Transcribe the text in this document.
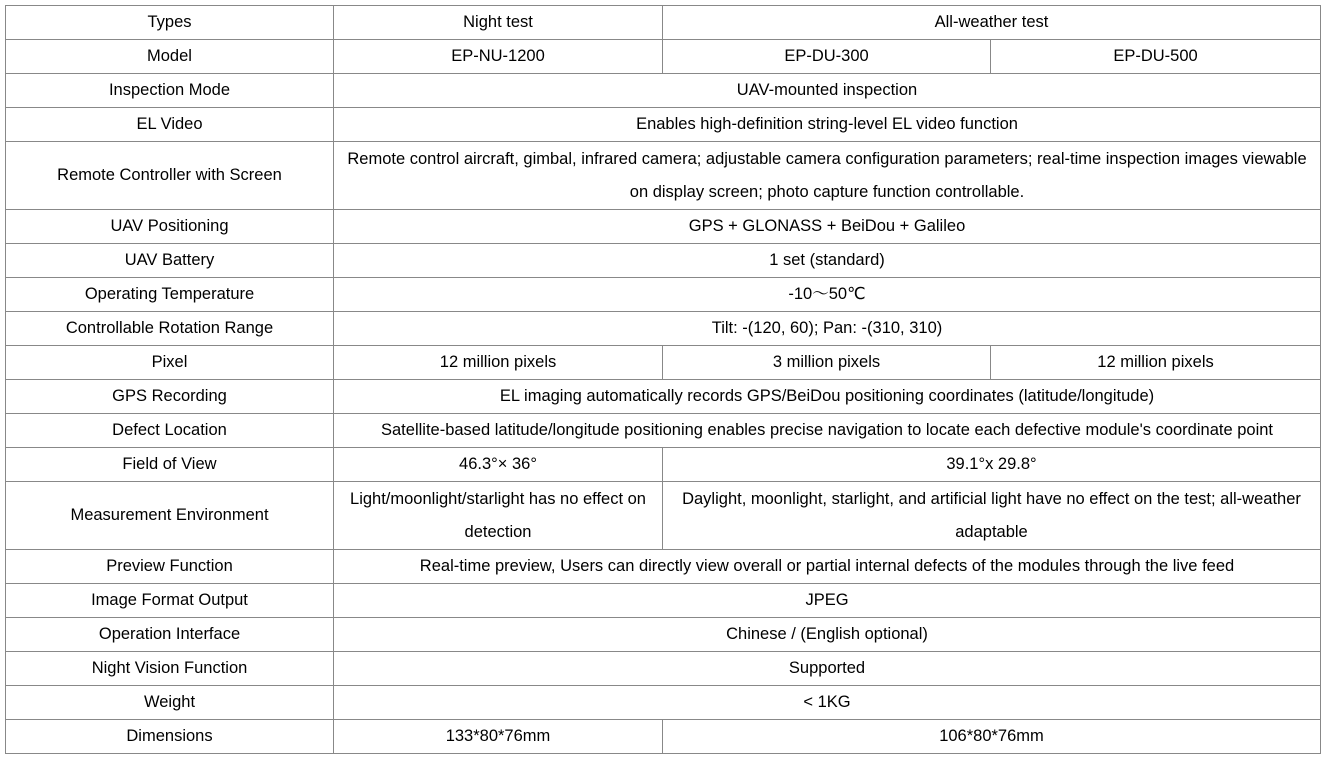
Types	Night test	All-weather test	
Model	EP-NU-1200	EP-DU-300	EP-DU-500
Inspection Mode	UAV-mounted inspection		
EL Video	Enables high-definition string-level EL video function		
Remote Controller with Screen	Remote control aircraft, gimbal, infrared camera; adjustable camera configuration parameters; real-time inspection images viewable on display screen; photo capture function controllable.		
UAV Positioning	GPS + GLONASS + BeiDou + Galileo		
UAV Battery	1 set (standard)		
Operating Temperature	-10～50℃		
Controllable Rotation Range	Tilt: -(120, 60); Pan: -(310, 310)		
Pixel	12 million pixels	3 million pixels	12 million pixels
GPS Recording	EL imaging automatically records GPS/BeiDou positioning coordinates (latitude/longitude)		
Defect Location	Satellite-based latitude/longitude positioning enables precise navigation to locate each defective module's coordinate point		
Field of View	46.3°× 36°	39.1°x 29.8°	
Measurement Environment	Light/moonlight/starlight has no effect on detection	Daylight, moonlight, starlight, and artificial light have no effect on the test; all-weather adaptable	
Preview Function	Real-time preview, Users can directly view overall or partial internal defects of the modules through the live feed		
Image Format Output	JPEG		
Operation Interface	Chinese / (English optional)		
Night Vision Function	Supported		
Weight	< 1KG		
Dimensions	133*80*76mm	106*80*76mm	
